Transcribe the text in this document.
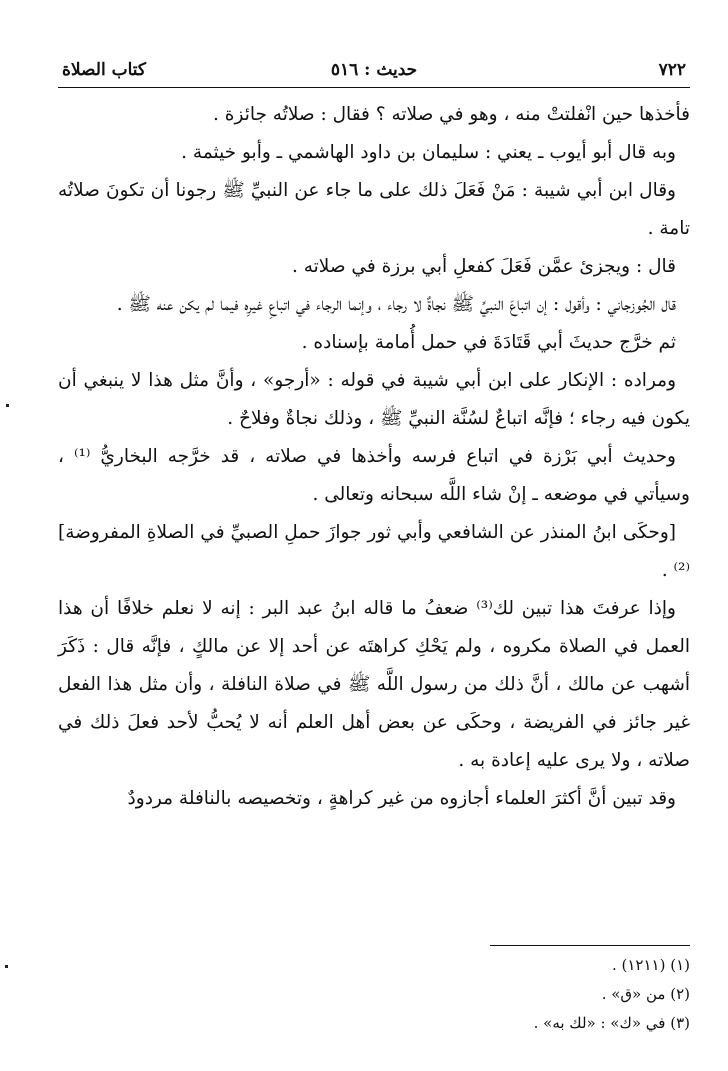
٧٢٢
حديث : ٥١٦
كتاب الصلاة

فأخذها حين انْفلتتْ منه ، وهو في صلاته ؟ فقال : صلاتُه جائزة .

وبه قال أبو أيوب ـ يعني : سليمان بن داود الهاشمي ـ وأبو خيثمة .

وقال ابن أبي شيبة : مَنْ فَعَلَ ذلك على ما جاء عن النبيِّ ﷺ رجونا أن تكونَ صلاتُه تامة .

قال : ويجزئ عمَّن فَعَلَ كفعلِ أبي برزة في صلاته .

قال الجُوزجاني : وأقول : إن اتباعَ النبيِّ ﷺ نجاةٌ لا رجاء ، وإنما الرجاء في اتباعِ غيرِه فيما لم يكن عنه ﷺ .

ثم خرَّج حديثَ أبي قَتَادَةَ في حمل أُمامة بإسناده .

ومراده : الإنكار على ابن أبي شيبة في قوله : «أرجو» ، وأنَّ مثل هذا لا ينبغي أن يكون فيه رجاء ؛ فإنَّه اتباعٌ لسُنَّة النبيِّ ﷺ ، وذلك نجاةٌ وفلاحٌ .

وحديث أبي بَرْزة في اتباع فرسه وأخذها في صلاته ، قد خرَّجه البخاريُّ ⁽¹⁾ ، وسيأتي في موضعه ـ إنْ شاء اللَّه سبحانه وتعالى .

[وحكَى ابنُ المنذر عن الشافعي وأبي ثور جوازَ حملِ الصبيِّ في الصلاةِ المفروضة]⁽²⁾ .

وإذا عرفتَ هذا تبين لك⁽³⁾ ضعفُ ما قاله ابنُ عبد البر : إنه لا نعلم خلافًا أن هذا العمل في الصلاة مكروه ، ولم يَحْكِ كراهتَه عن أحد إلا عن مالكٍ ، فإنَّه قال : ذَكَرَ أشهب عن مالك ، أنَّ ذلك من رسول اللَّه ﷺ في صلاة النافلة ، وأن مثل هذا الفعل غير جائز في الفريضة ، وحكَى عن بعض أهل العلم أنه لا يُحبُّ لأحد فعلَ ذلك في صلاته ، ولا يرى عليه إعادة به .

وقد تبين أنَّ أكثرَ العلماء أجازوه من غير كراهةٍ ، وتخصيصه بالنافلة مردودٌ

(١) (١٢١١) .
(٢) من «ق» .
(٣) في «ك» : «لك به» .
